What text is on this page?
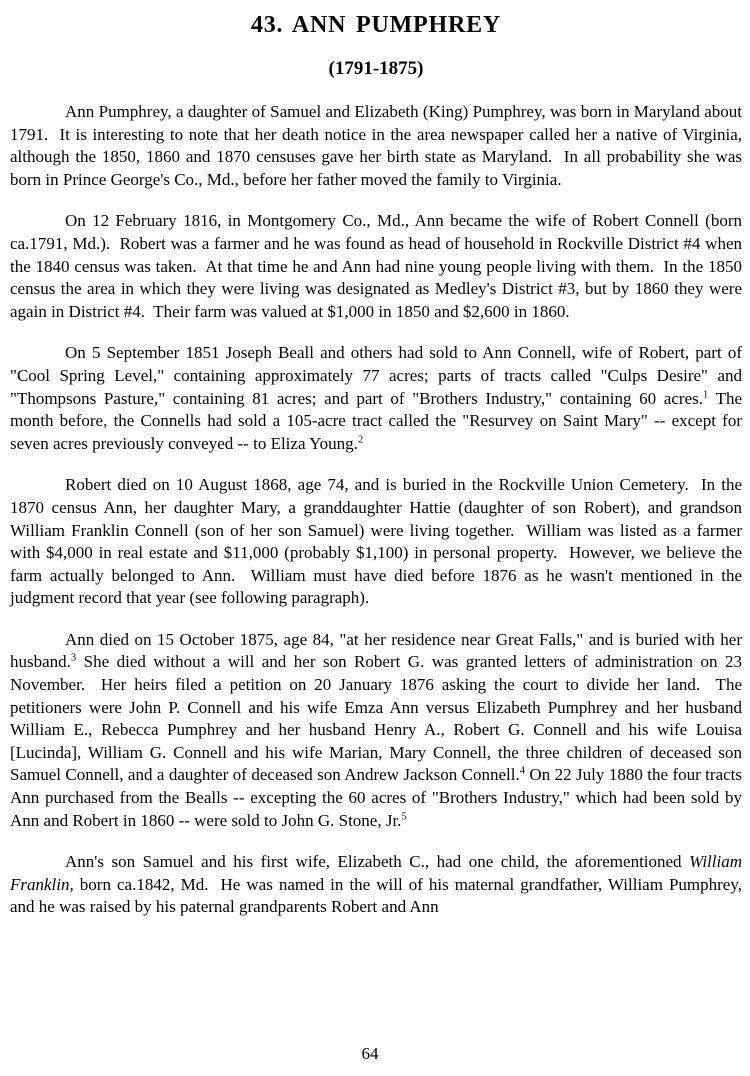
43. ANN PUMPHREY
(1791-1875)

Ann Pumphrey, a daughter of Samuel and Elizabeth (King) Pumphrey, was born in Maryland about 1791.  It is interesting to note that her death notice in the area newspaper called her a native of Virginia, although the 1850, 1860 and 1870 censuses gave her birth state as Maryland.  In all probability she was born in Prince George's Co., Md., before her father moved the family to Virginia.

On 12 February 1816, in Montgomery Co., Md., Ann became the wife of Robert Connell (born ca.1791, Md.).  Robert was a farmer and he was found as head of household in Rockville District #4 when the 1840 census was taken.  At that time he and Ann had nine young people living with them.  In the 1850 census the area in which they were living was designated as Medley's District #3, but by 1860 they were again in District #4.  Their farm was valued at $1,000 in 1850 and $2,600 in 1860.

On 5 September 1851 Joseph Beall and others had sold to Ann Connell, wife of Robert, part of "Cool Spring Level," containing approximately 77 acres; parts of tracts called "Culps Desire" and "Thompsons Pasture," containing 81 acres; and part of "Brothers Industry," containing 60 acres.$^1$ The month before, the Connells had sold a 105-acre tract called the "Resurvey on Saint Mary" -- except for seven acres previously conveyed -- to Eliza Young.$^2$

Robert died on 10 August 1868, age 74, and is buried in the Rockville Union Cemetery.  In the 1870 census Ann, her daughter Mary, a granddaughter Hattie (daughter of son Robert), and grandson William Franklin Connell (son of her son Samuel) were living together.  William was listed as a farmer with $4,000 in real estate and $11,000 (probably $1,100) in personal property.  However, we believe the farm actually belonged to Ann.  William must have died before 1876 as he wasn't mentioned in the judgment record that year (see following paragraph).

Ann died on 15 October 1875, age 84, "at her residence near Great Falls," and is buried with her husband.$^3$ She died without a will and her son Robert G. was granted letters of administration on 23 November.  Her heirs filed a petition on 20 January 1876 asking the court to divide her land.  The petitioners were John P. Connell and his wife Emza Ann versus Elizabeth Pumphrey and her husband William E., Rebecca Pumphrey and her husband Henry A., Robert G. Connell and his wife Louisa [Lucinda], William G. Connell and his wife Marian, Mary Connell, the three children of deceased son Samuel Connell, and a daughter of deceased son Andrew Jackson Connell.$^4$ On 22 July 1880 the four tracts Ann purchased from the Bealls -- excepting the 60 acres of "Brothers Industry," which had been sold by Ann and Robert in 1860 -- were sold to John G. Stone, Jr.$^5$

Ann's son Samuel and his first wife, Elizabeth C., had one child, the aforementioned William Franklin, born ca.1842, Md.  He was named in the will of his maternal grandfather, William Pumphrey, and he was raised by his paternal grandparents Robert and Ann

64
